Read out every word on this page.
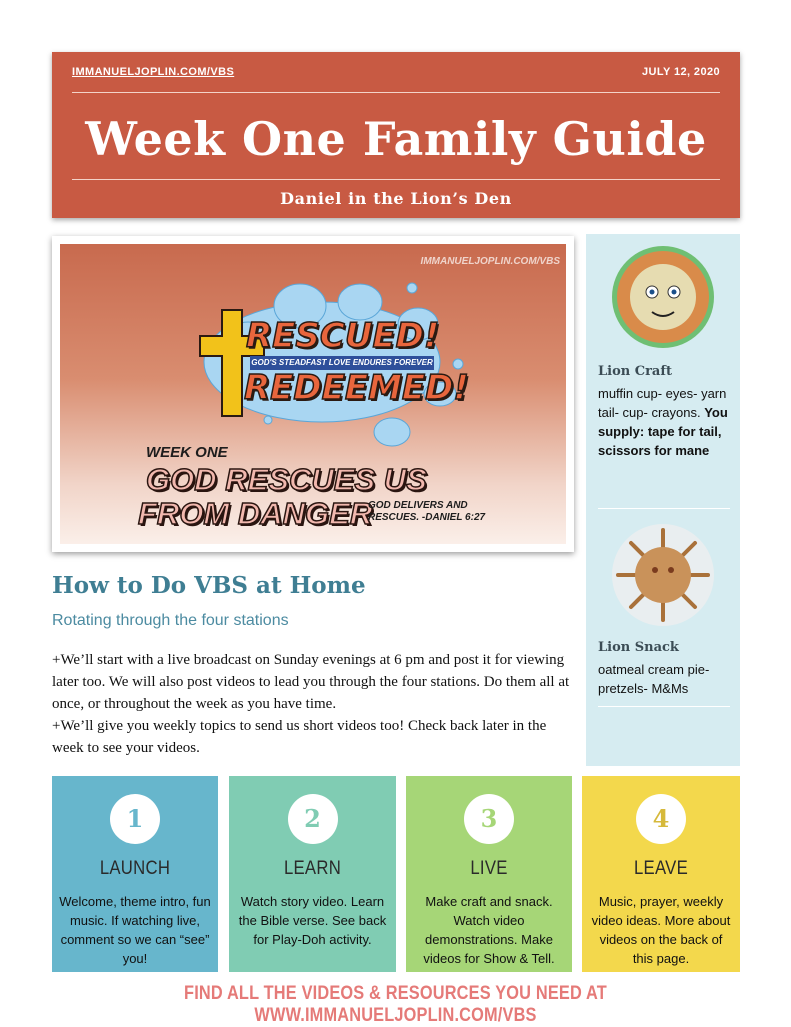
IMMANUELJOPLIN.COM/VBS	JULY 12, 2020
Week One Family Guide
Daniel in the Lion’s Den
IMMANUELJOPLIN.COM/VBS
RESCUED!
GOD'S STEADFAST LOVE ENDURES FOREVER
REDEEMED!
WEEK ONE
GOD RESCUES US
FROM DANGER
GOD DELIVERS AND RESCUES. -DANIEL 6:27
How to Do VBS at Home
Rotating through the four stations

+We’ll start with a live broadcast on Sunday evenings at 6 pm and post it for viewing later too. We will also post videos to lead you through the four stations. Do them all at once, or throughout the week as you have time.

+We’ll give you weekly topics to send us short videos too! Check back later in the week to see your videos.

Lion Craft
muffin cup- eyes- yarn tail- cup- crayons. You supply: tape for tail, scissors for mane
Lion Snack
oatmeal cream pie- pretzels- M&Ms
1
LAUNCH
Welcome, theme intro, fun music. If watching live, comment so we can “see” you!
2
LEARN
Watch story video. Learn the Bible verse. See back for Play-Doh activity.
3
LIVE
Make craft and snack. Watch video demonstrations. Make videos for Show & Tell.
4
LEAVE
Music, prayer, weekly video ideas. More about videos on the back of this page.
FIND ALL THE VIDEOS & RESOURCES YOU NEED AT WWW.IMMANUELJOPLIN.COM/VBS
